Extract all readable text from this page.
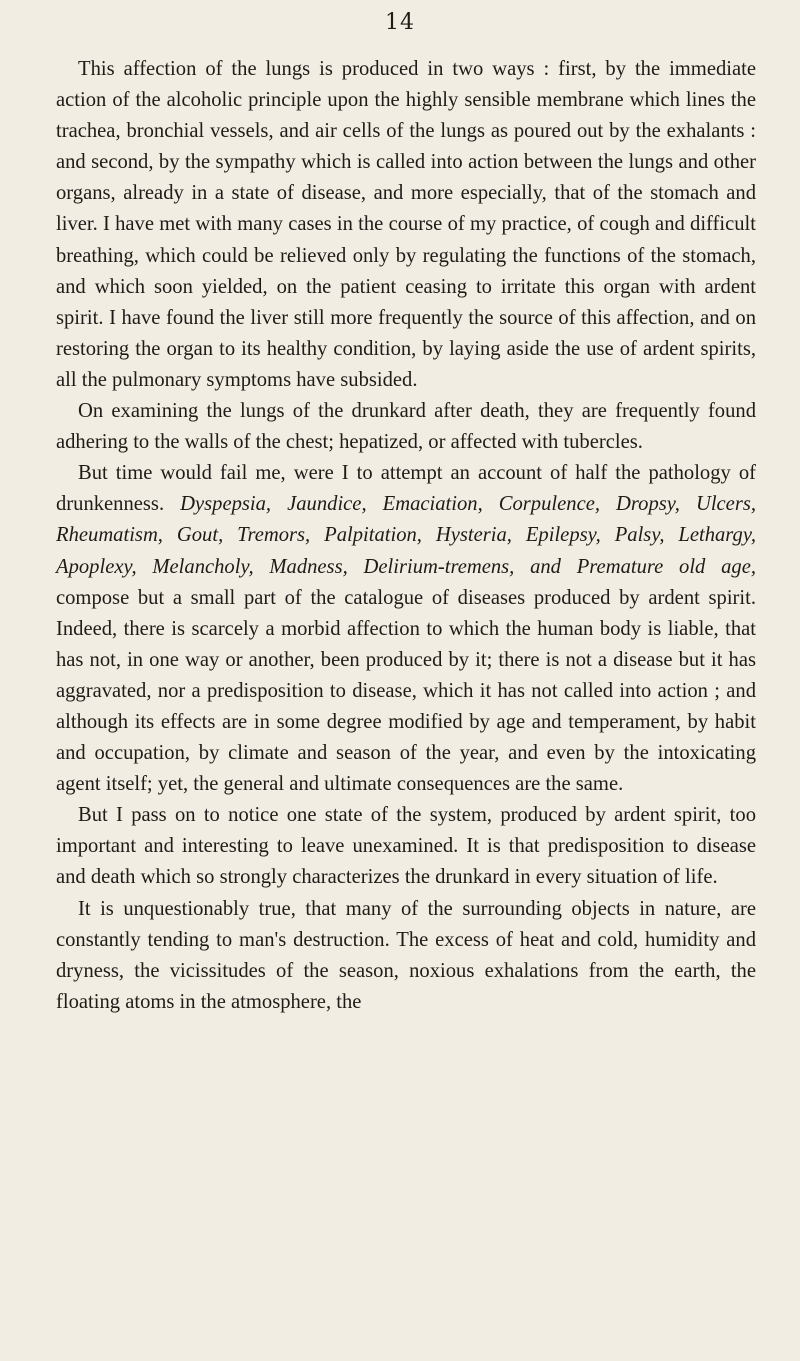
14

This affection of the lungs is produced in two ways : first, by the immediate action of the alcoholic principle upon the highly sensible membrane which lines the trachea, bronchial vessels, and air cells of the lungs as poured out by the exhalants : and second, by the sympathy which is called into action between the lungs and other organs, already in a state of disease, and more especially, that of the stomach and liver. I have met with many cases in the course of my practice, of cough and difficult breathing, which could be relieved only by regulating the functions of the stomach, and which soon yielded, on the patient ceasing to irritate this organ with ardent spirit. I have found the liver still more frequently the source of this affection, and on restoring the organ to its healthy condition, by laying aside the use of ardent spirits, all the pulmonary symptoms have subsided.

On examining the lungs of the drunkard after death, they are frequently found adhering to the walls of the chest; hepatized, or affected with tubercles.

But time would fail me, were I to attempt an account of half the pathology of drunkenness. Dyspepsia, Jaundice, Emaciation, Corpulence, Dropsy, Ulcers, Rheumatism, Gout, Tremors, Palpitation, Hysteria, Epilepsy, Palsy, Lethargy, Apoplexy, Melancholy, Madness, Delirium-tremens, and Premature old age, compose but a small part of the catalogue of diseases produced by ardent spirit. Indeed, there is scarcely a morbid affection to which the human body is liable, that has not, in one way or another, been produced by it; there is not a disease but it has aggravated, nor a predisposition to disease, which it has not called into action ; and although its effects are in some degree modified by age and temperament, by habit and occupation, by climate and season of the year, and even by the intoxicating agent itself; yet, the general and ultimate consequences are the same.

But I pass on to notice one state of the system, produced by ardent spirit, too important and interesting to leave unexamined. It is that predisposition to disease and death which so strongly characterizes the drunkard in every situation of life.

It is unquestionably true, that many of the surrounding objects in nature, are constantly tending to man's destruction. The excess of heat and cold, humidity and dryness, the vicissitudes of the season, noxious exhalations from the earth, the floating atoms in the atmosphere, the
